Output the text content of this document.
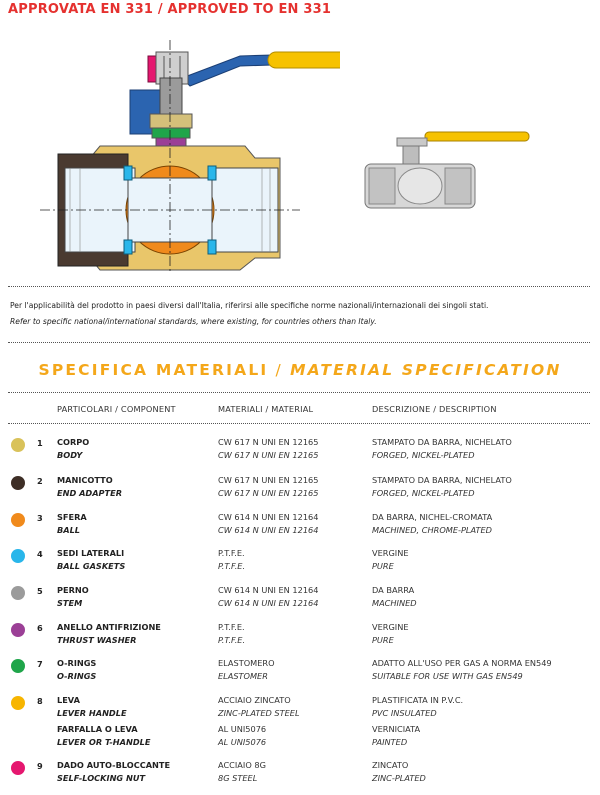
APPROVATA EN 331 / APPROVED TO EN 331
Per l'applicabilità del prodotto in paesi diversi dall'Italia, riferirsi alle specifiche norme nazionali/internazionali dei singoli stati.
Refer to specific national/international standards, where existing, for countries others than Italy.
SPECIFICA MATERIALI / MATERIAL SPECIFICATION
PARTICOLARI / COMPONENT	MATERIALI / MATERIAL	DESCRIZIONE / DESCRIPTION
1 CORPO
BODY
CW 617 N UNI EN 12165
CW 617 N UNI EN 12165
STAMPATO DA BARRA, NICHELATO
FORGED, NICKEL-PLATED
2 MANICOTTO
END ADAPTER
CW 617 N UNI EN 12165
CW 617 N UNI EN 12165
STAMPATO DA BARRA, NICHELATO
FORGED, NICKEL-PLATED
3 SFERA
BALL
CW 614 N UNI EN 12164
CW 614 N UNI EN 12164
DA BARRA, NICHEL-CROMATA
MACHINED, CHROME-PLATED
4 SEDI LATERALI
BALL GASKETS
P.T.F.E.
P.T.F.E.
VERGINE
PURE
5 PERNO
STEM
CW 614 N UNI EN 12164
CW 614 N UNI EN 12164
DA BARRA
MACHINED
6 ANELLO ANTIFRIZIONE
THRUST WASHER
P.T.F.E.
P.T.F.E.
VERGINE
PURE
7 O-RINGS
O-RINGS
ELASTOMERO
ELASTOMER
ADATTO ALL'USO PER GAS A NORMA EN549
SUITABLE FOR USE WITH GAS EN549
8 LEVA
LEVER HANDLE
ACCIAIO ZINCATO
ZINC-PLATED STEEL
PLASTIFICATA IN P.V.C.
PVC INSULATED
FARFALLA O LEVA
LEVER OR T-HANDLE
AL UNI5076
AL UNI5076
VERNICIATA
PAINTED
9 DADO AUTO-BLOCCANTE
SELF-LOCKING NUT
ACCIAIO 8G
8G STEEL
ZINCATO
ZINC-PLATED
